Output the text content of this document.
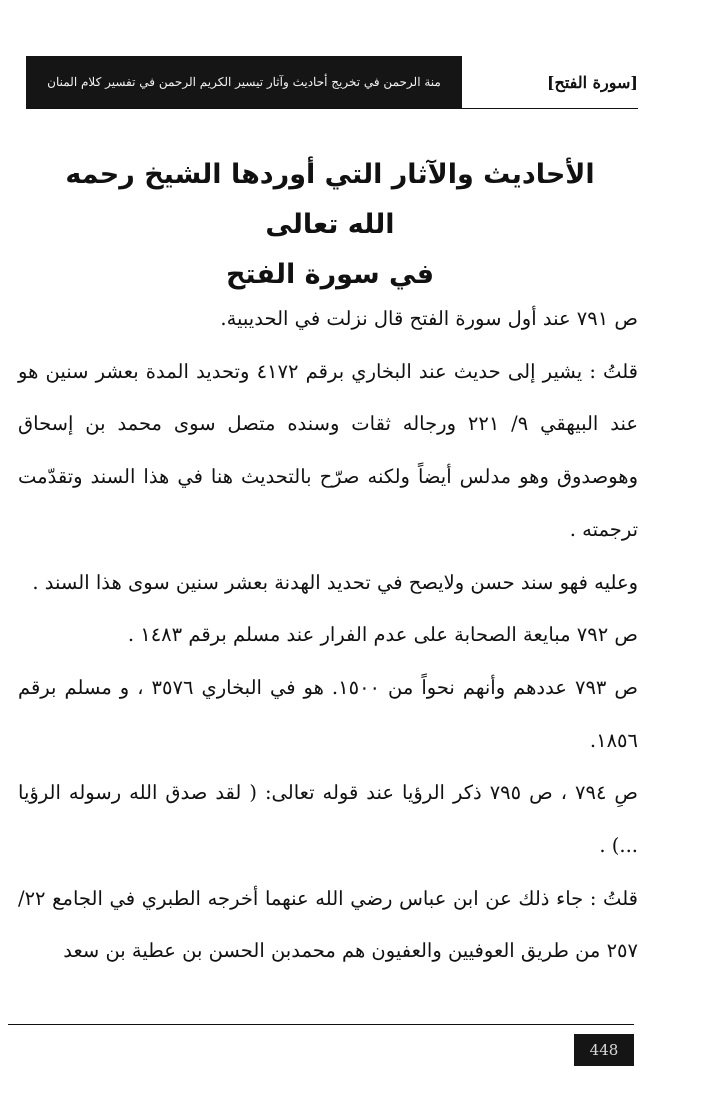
منة الرحمن في تخريج أحاديث وآثار تيسير الكريم الرحمن في تفسير كلام المنان	[سورة الفتح]
الأحاديث والآثار التي أوردها الشيخ رحمه الله تعالى
في سورة الفتح

ص ٧٩١ عند أول سورة الفتح قال نزلت في الحديبية.

قلتُ : يشير إلى حديث عند البخاري برقم ٤١٧٢ وتحديد المدة بعشر سنين هو عند البيهقي ٩/ ٢٢١ ورجاله ثقات وسنده متصل سوى محمد بن إسحاق وهوصدوق وهو مدلس أيضاً ولكنه صرّح بالتحديث هنا في هذا السند وتقدّمت ترجمته .

وعليه فهو سند حسن ولايصح في تحديد الهدنة بعشر سنين سوى هذا السند .

ص ٧٩٢ مبايعة الصحابة على عدم الفرار عند مسلم برقم ١٤٨٣ .

ص ٧٩٣ عددهم وأنهم نحواً من ١٥٠٠. هو في البخاري ٣٥٧٦ ، و مسلم برقم ١٨٥٦.

صِ ٧٩٤ ، ص ٧٩٥ ذكر الرؤيا عند قوله تعالى: ( لقد صدق الله رسوله الرؤيا ...) .

قلتُ : جاء ذلك عن ابن عباس رضي الله عنهما أخرجه الطبري في الجامع ٢٢/ ٢٥٧ من طريق العوفيين والعفيون هم محمدبن الحسن بن عطية بن سعد

448
